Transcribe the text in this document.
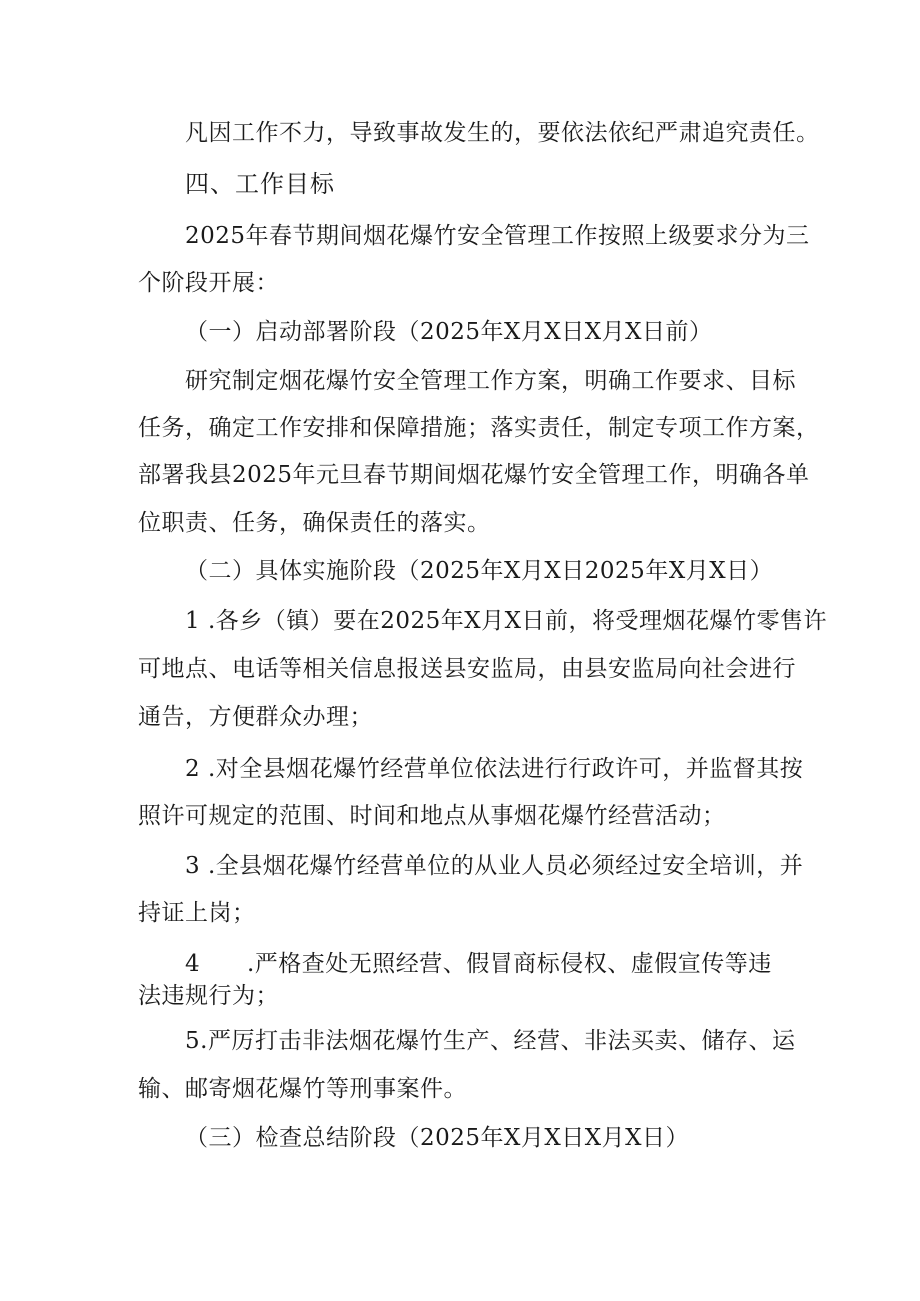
凡因工作不力，导致事故发生的，要依法依纪严肃追究责任。

四、工作目标

2025年春节期间烟花爆竹安全管理工作按照上级要求分为三

个阶段开展：

（一）启动部署阶段（2025年X月X日X月X日前）

研究制定烟花爆竹安全管理工作方案，明确工作要求、目标

任务，确定工作安排和保障措施；落实责任，制定专项工作方案，

部署我县2025年元旦春节期间烟花爆竹安全管理工作，明确各单

位职责、任务，确保责任的落实。

（二）具体实施阶段（2025年X月X日2025年X月X日）

1 .各乡（镇）要在2025年X月X日前，将受理烟花爆竹零售许

可地点、电话等相关信息报送县安监局，由县安监局向社会进行

通告，方便群众办理；

2 .对全县烟花爆竹经营单位依法进行行政许可，并监督其按

照许可规定的范围、时间和地点从事烟花爆竹经营活动；

3 .全县烟花爆竹经营单位的从业人员必须经过安全培训，并

持证上岗；

4      .严格查处无照经营、假冒商标侵权、虚假宣传等违

法违规行为；

5.严厉打击非法烟花爆竹生产、经营、非法买卖、储存、运

输、邮寄烟花爆竹等刑事案件。

（三）检查总结阶段（2025年X月X日X月X日）
